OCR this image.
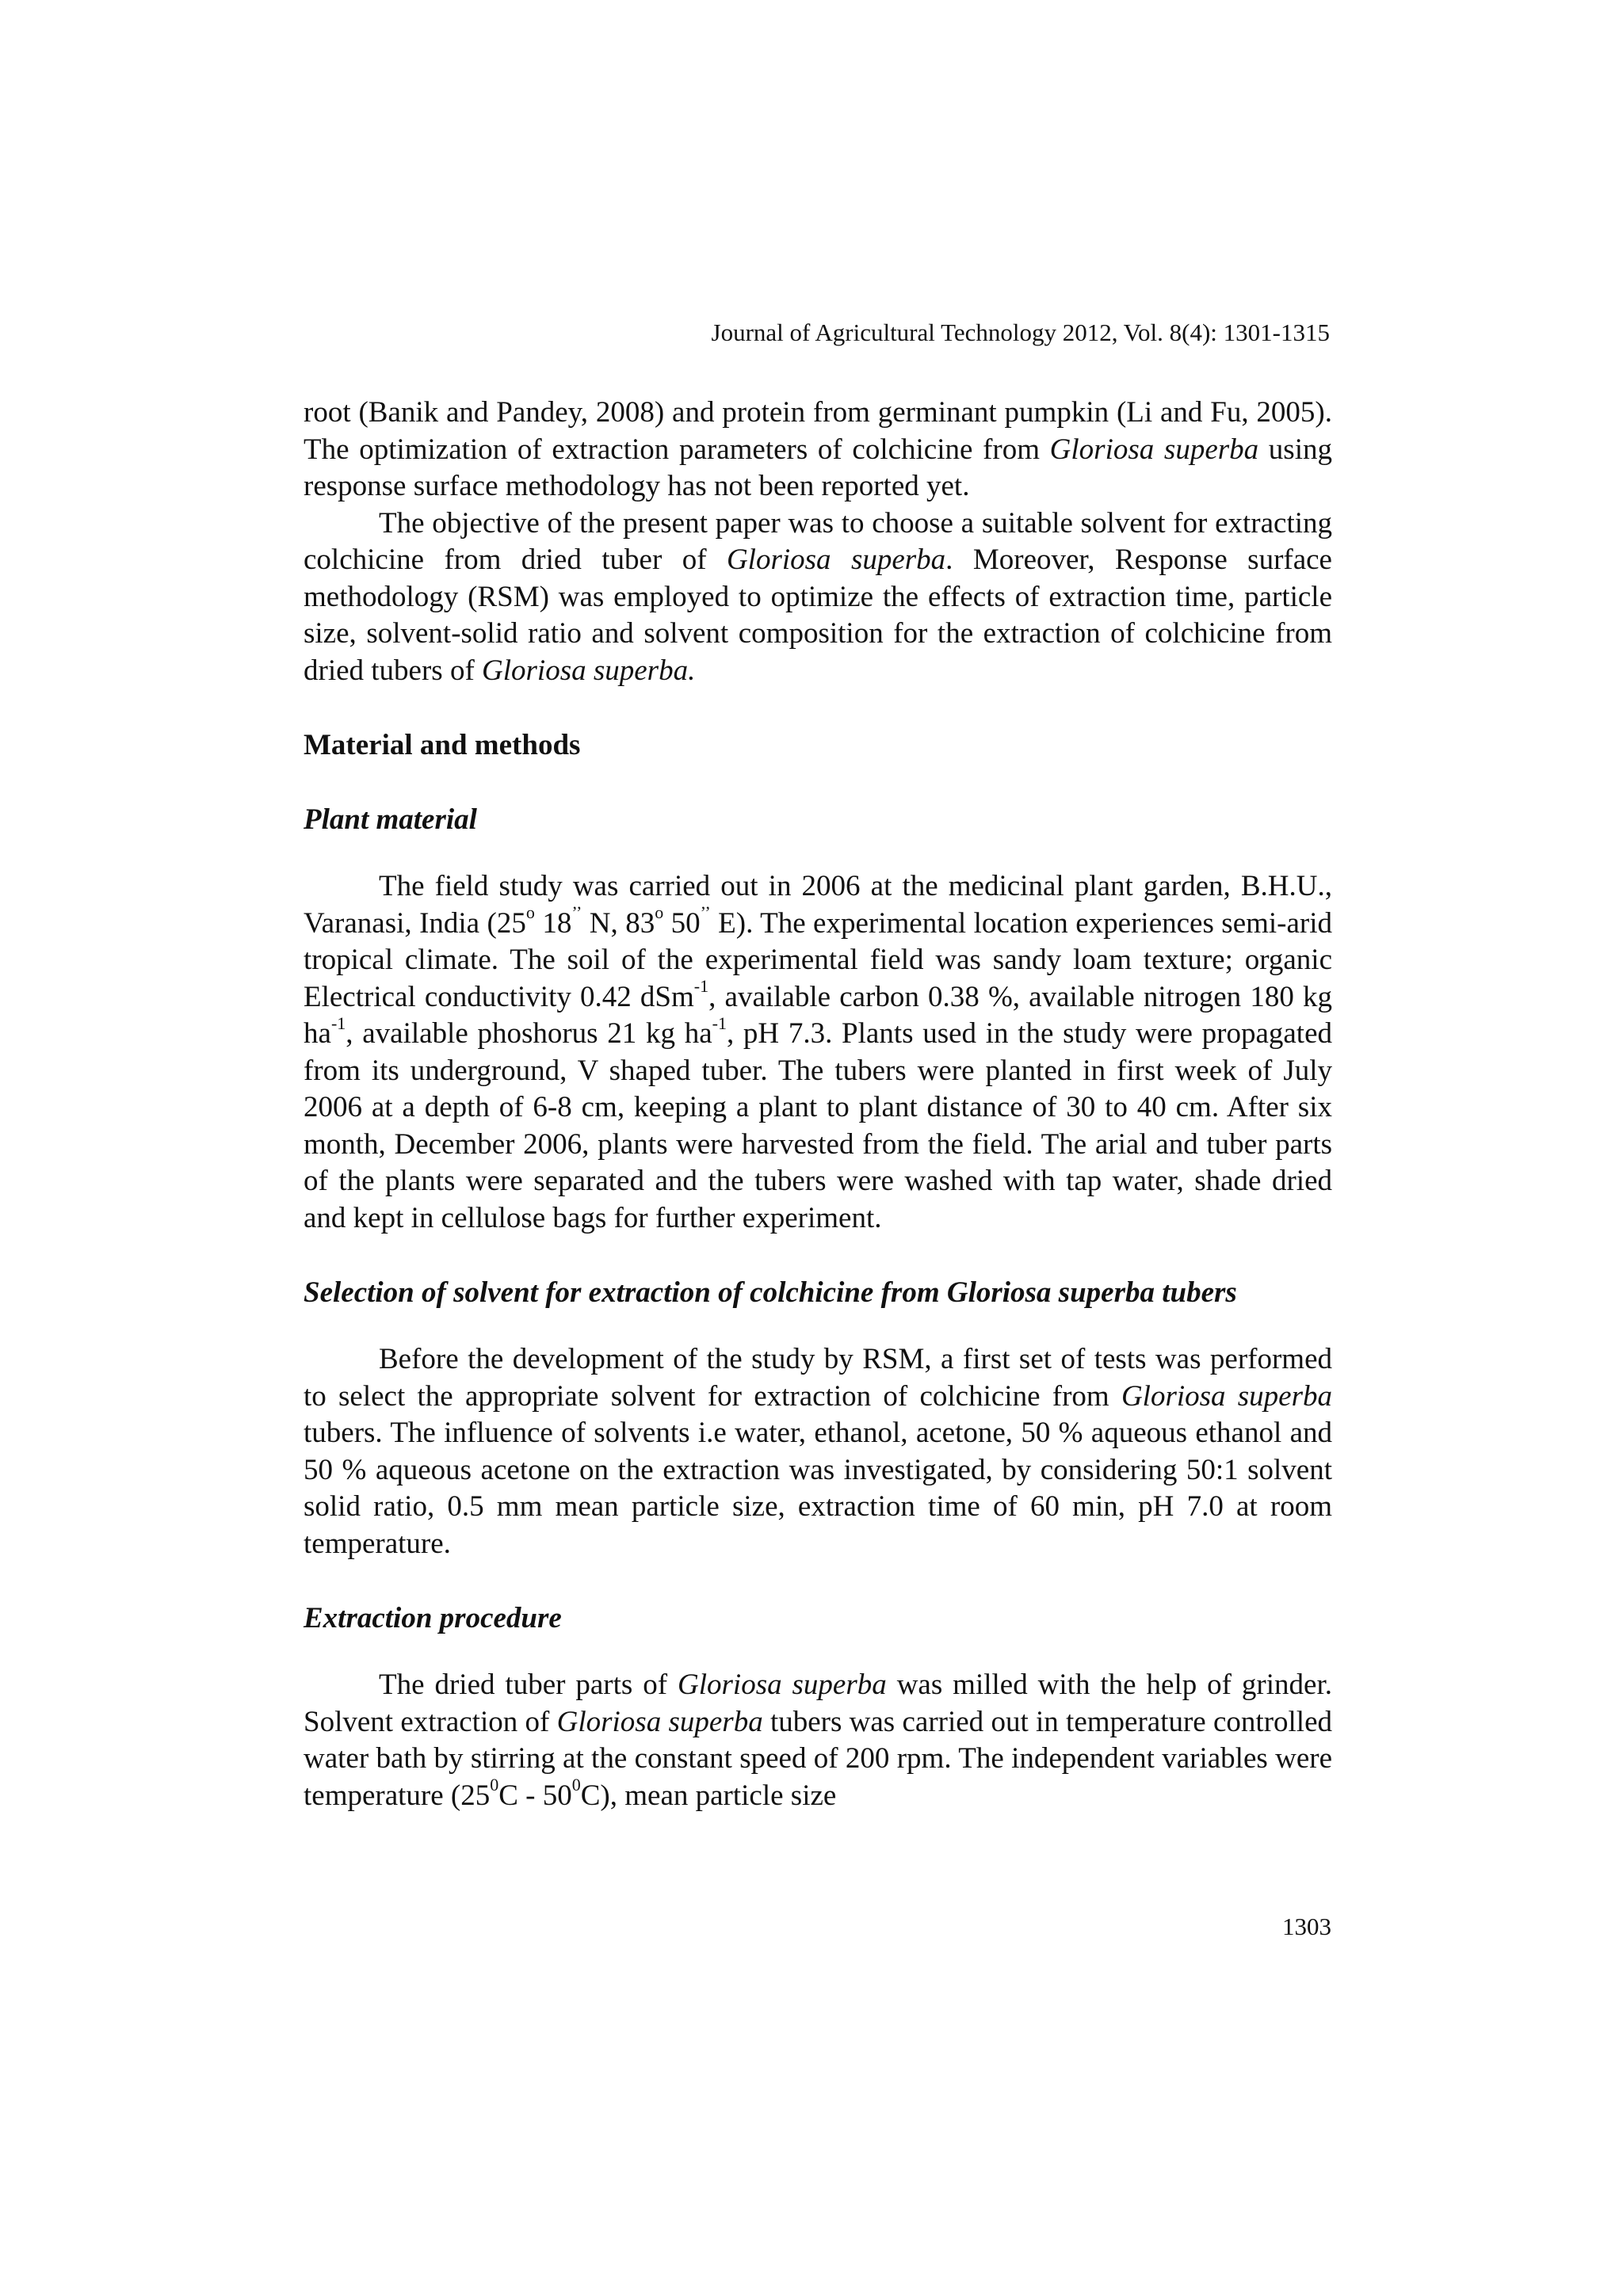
Journal of Agricultural Technology 2012, Vol. 8(4): 1301-1315

root (Banik and Pandey, 2008) and protein from germinant pumpkin (Li and Fu, 2005). The optimization of extraction parameters of colchicine from Gloriosa superba using response surface methodology has not been reported yet.

The objective of the present paper was to choose a suitable solvent for extracting colchicine from dried tuber of Gloriosa superba. Moreover, Response surface methodology (RSM) was employed to optimize the effects of extraction time, particle size, solvent-solid ratio and solvent composition for the extraction of colchicine from dried tubers of Gloriosa superba.

Material and methods
Plant material

The field study was carried out in 2006 at the medicinal plant garden, B.H.U., Varanasi, India (25$^o$ 18’’ N, 83$^o$ 50’’ E). The experimental location experiences semi-arid tropical climate. The soil of the experimental field was sandy loam texture; organic Electrical conductivity 0.42 dSm$^{-1}$, available carbon 0.38 %, available nitrogen 180 kg $ha^{-1}$, available phoshorus 21 kg $ha^{-1}$, pH 7.3. Plants used in the study were propagated from its underground, V shaped tuber. The tubers were planted in first week of July 2006 at a depth of 6-8 cm, keeping a plant to plant distance of 30 to 40 cm. After six month, December 2006, plants were harvested from the field. The arial and tuber parts of the plants were separated and the tubers were washed with tap water, shade dried and kept in cellulose bags for further experiment.

Selection of solvent for extraction of colchicine from Gloriosa superba tubers

Before the development of the study by RSM, a first set of tests was performed to select the appropriate solvent for extraction of colchicine from Gloriosa superba tubers. The influence of solvents i.e water, ethanol, acetone, 50 % aqueous ethanol and 50 % aqueous acetone on the extraction was investigated, by considering 50:1 solvent solid ratio, 0.5 mm mean particle size, extraction time of 60 min, pH 7.0 at room temperature.

Extraction procedure

The dried tuber parts of Gloriosa superba was milled with the help of grinder. Solvent extraction of Gloriosa superba tubers was carried out in temperature controlled water bath by stirring at the constant speed of 200 rpm. The independent variables were temperature $(25^0C - 50^0C)$, mean particle size

1303
